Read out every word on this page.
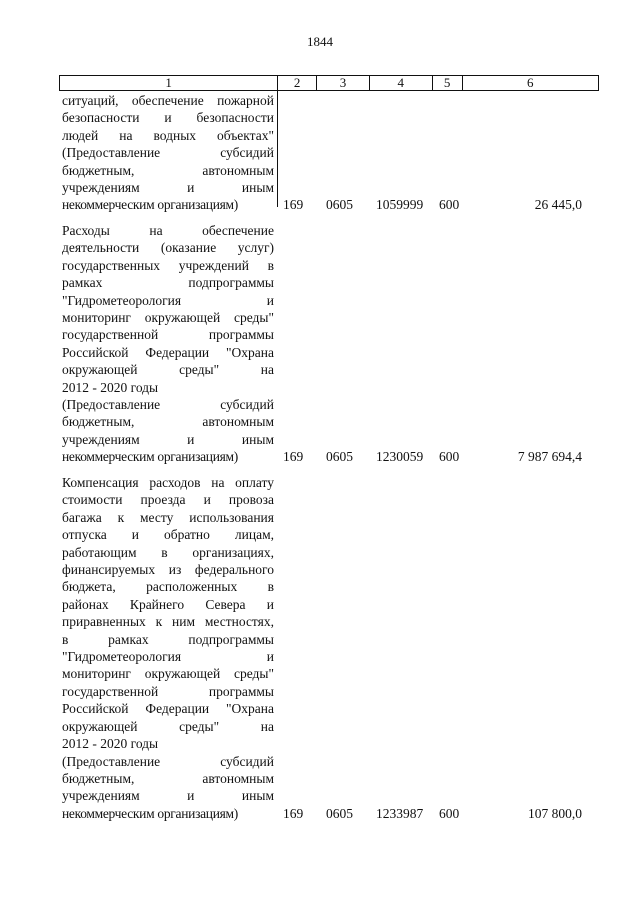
1844
1	2	3	4	5	6
ситуаций, обеспечение пожарной
безопасности и безопасности
людей на водных объектах"
(Предоставление субсидий
бюджетным, автономным
учреждениям и иным
некоммерческим организациям)	169 0605 1059999 600	26 445,0
Расходы на обеспечение
деятельности (оказание услуг)
государственных учреждений в
рамках подпрограммы
"Гидрометеорология и
мониторинг окружающей среды"
государственной программы
Российской Федерации "Охрана
окружающей среды" на
2012 - 2020 годы
(Предоставление субсидий
бюджетным, автономным
учреждениям и иным
некоммерческим организациям)	169 0605 1230059 600	7 987 694,4
Компенсация расходов на оплату
стоимости проезда и провоза
багажа к месту использования
отпуска и обратно лицам,
работающим в организациях,
финансируемых из федерального
бюджета, расположенных в
районах Крайнего Севера и
приравненных к ним местностях,
в рамках подпрограммы
"Гидрометеорология и
мониторинг окружающей среды"
государственной программы
Российской Федерации "Охрана
окружающей среды" на
2012 - 2020 годы
(Предоставление субсидий
бюджетным, автономным
учреждениям и иным
некоммерческим организациям)	169 0605 1233987 600	107 800,0
